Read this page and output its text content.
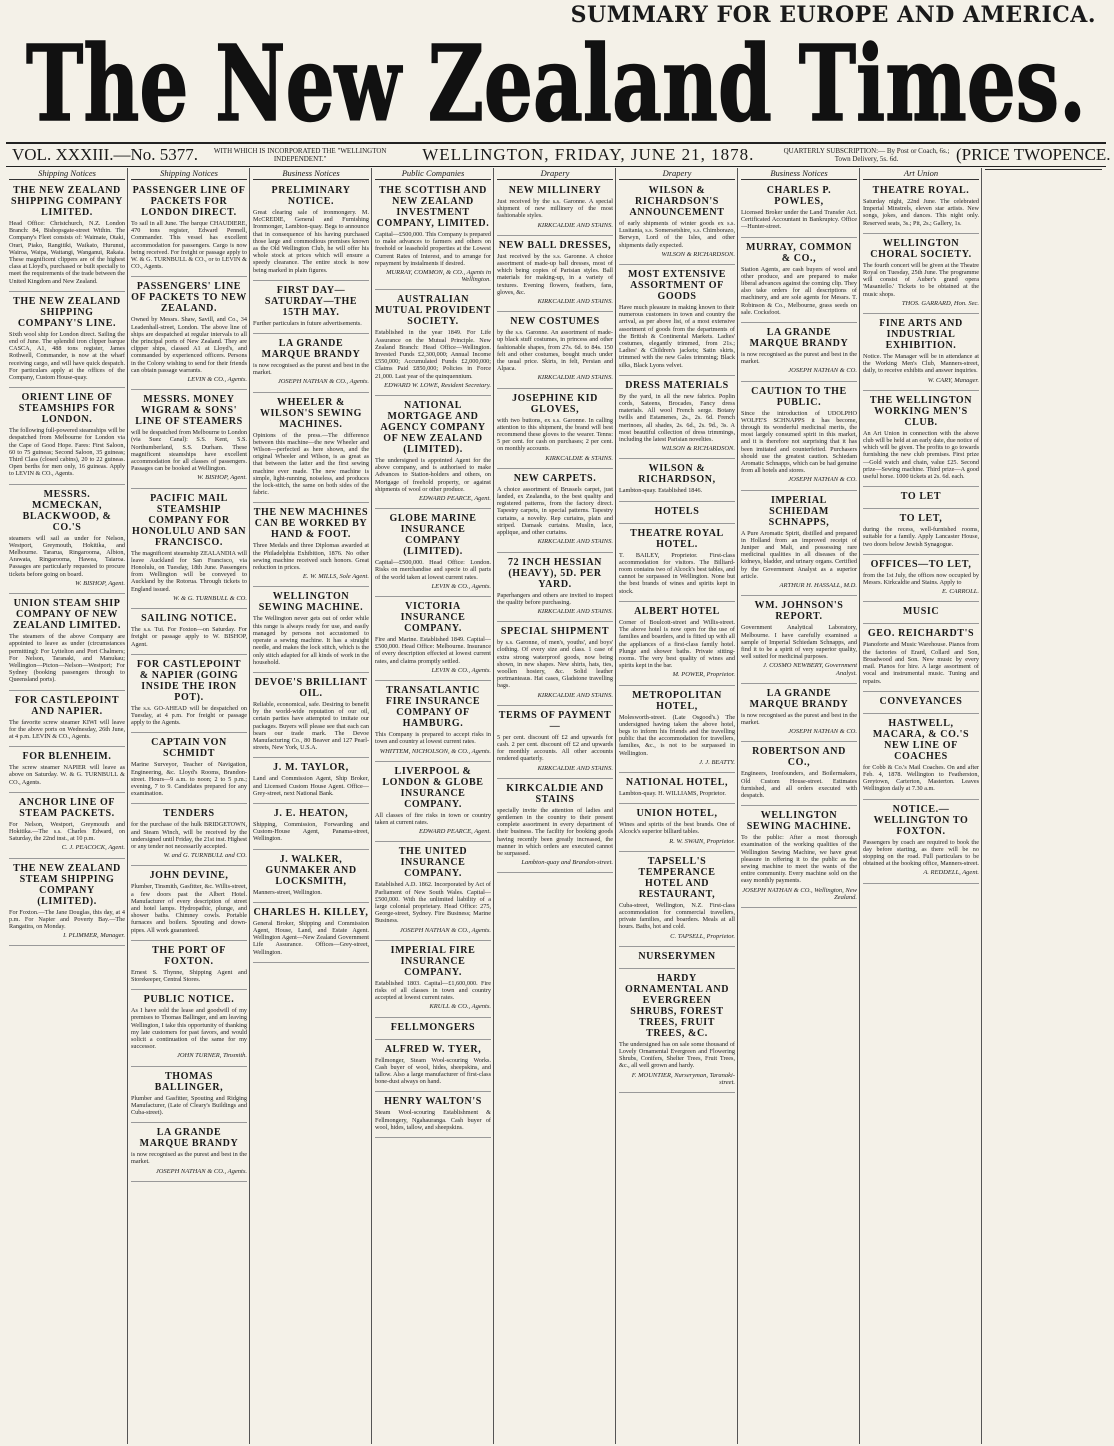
SUMMARY FOR EUROPE AND AMERICA.
The New Zealand Times.
VOL. XXXIII.—No. 5377.	WITH WHICH IS INCORPORATED THE "WELLINGTON INDEPENDENT."	WELLINGTON, FRIDAY, JUNE 21, 1878.	QUARTERLY SUBSCRIPTION:— By Post or Coach, 6s.; Town Delivery, 5s. 6d.	(PRICE TWOPENCE.
Shipping Notices
THE NEW ZEALAND SHIPPING COMPANY LIMITED.

Head Office: Christchurch, N.Z. London Branch: 84, Bishopsgate-street Within. The Company's Fleet consists of: Waimate, Otaki, Orari, Piako, Rangitiki, Waikato, Hurunui, Wairoa, Waipa, Waitangi, Wanganui, Rakaia. These magnificent clippers are of the highest class at Lloyd's, purchased or built specially to meet the requirements of the trade between the United Kingdom and New Zealand.

THE NEW ZEALAND SHIPPING COMPANY'S LINE.

Sixth wool ship for London direct. Sailing the end of June. The splendid iron clipper barque CASCA, A1, 488 tons register, James Rothwell, Commander, is now at the wharf receiving cargo, and will have quick despatch. For particulars apply at the offices of the Company, Custom House-quay.

ORIENT LINE OF STEAMSHIPS FOR LONDON.

The following full-powered steamships will be despatched from Melbourne for London via the Cape of Good Hope. Fares: First Saloon, 60 to 75 guineas; Second Saloon, 35 guineas; Third Class (closed cabins), 20 to 22 guineas. Open berths for men only, 16 guineas. Apply to LEVIN & CO., Agents.

MESSRS. MCMECKAN, BLACKWOOD, & CO.'S

steamers will sail as under for Nelson, Westport, Greymouth, Hokitika, and Melbourne. Tararua, Ringarooma, Albion, Arawata, Ringarooma, Hawea, Taiaroa. Passages are particularly requested to procure tickets before going on board.

W. BISHOP, Agent.

UNION STEAM SHIP COMPANY OF NEW ZEALAND LIMITED.

The steamers of the above Company are appointed to leave as under (circumstances permitting): For Lyttelton and Port Chalmers; For Nelson, Taranaki, and Manukau; Wellington—Picton—Nelson—Westport; For Sydney (booking passengers through to Queensland ports).

FOR CASTLEPOINT AND NAPIER.

The favorite screw steamer KIWI will leave for the above ports on Wednesday, 26th June, at 4 p.m. LEVIN & CO., Agents.

FOR BLENHEIM.

The screw steamer NAPIER will leave as above on Saturday. W. & G. TURNBULL & CO., Agents.

ANCHOR LINE OF STEAM PACKETS.

For Nelson, Westport, Greymouth and Hokitika.—The s.s. Charles Edward, on Saturday, the 22nd inst., at 10 p.m.

C. J. PEACOCK, Agent.

THE NEW ZEALAND STEAM SHIPPING COMPANY (LIMITED).

For Foxton.—The Jane Douglas, this day, at 4 p.m. For Napier and Poverty Bay.—The Rangatira, on Monday.

I. PLIMMER, Manager.

Shipping Notices
PASSENGER LINE OF PACKETS FOR LONDON DIRECT.

To sail in all June. The barque CHAUDIERE, 470 tons register, Edward Pennell, Commander. This vessel has excellent accommodation for passengers. Cargo is now being received. For freight or passage apply to W. & G. TURNBULL & CO., or to LEVIN & CO., Agents.

PASSENGERS' LINE OF PACKETS TO NEW ZEALAND.

Owned by Messrs. Shaw, Savill, and Co., 34 Leadenhall-street, London. The above line of ships are despatched at regular intervals to all the principal ports of New Zealand. They are clipper ships, classed A1 at Lloyd's, and commanded by experienced officers. Persons in the Colony wishing to send for their friends can obtain passage warrants.

LEVIN & CO., Agents.

MESSRS. MONEY WIGRAM & SONS' LINE OF STEAMERS

will be despatched from Melbourne to London (via Suez Canal): S.S. Kent, S.S. Northumberland, S.S. Durham. These magnificent steamships have excellent accommodation for all classes of passengers. Passages can be booked at Wellington.

W. BISHOP, Agent.

PACIFIC MAIL STEAMSHIP COMPANY FOR HONOLULU AND SAN FRANCISCO.

The magnificent steamship ZEALANDIA will leave Auckland for San Francisco, via Honolulu, on Tuesday, 18th June. Passengers from Wellington will be conveyed to Auckland by the Rotorua. Through tickets to England issued.

W. & G. TURNBULL & CO.

SAILING NOTICE.

The s.s. Tui. For Foxton—on Saturday. For freight or passage apply to W. BISHOP, Agent.

FOR CASTLEPOINT & NAPIER (GOING INSIDE THE IRON POT).

The s.s. GO-AHEAD will be despatched on Tuesday, at 4 p.m. For freight or passage apply to the Agents.

CAPTAIN VON SCHMIDT

Marine Surveyor, Teacher of Navigation, Engineering, &c. Lloyd's Rooms, Brandon-street. Hours—9 a.m. to noon; 2 to 5 p.m.; evening, 7 to 9. Candidates prepared for any examination.

TENDERS

for the purchase of the hulk BRIDGETOWN, and Steam Winch, will be received by the undersigned until Friday, the 21st inst. Highest or any tender not necessarily accepted.

W. and G. TURNBULL and CO.

JOHN DEVINE,

Plumber, Tinsmith, Gasfitter, &c. Willis-street, a few doors past the Albert Hotel. Manufacturer of every description of street and hotel lamps. Hydropathic, plunge, and shower baths. Chimney cowls. Portable furnaces and boilers. Spouting and down-pipes. All work guaranteed.

THE PORT OF FOXTON.

Ernest S. Thynne, Shipping Agent and Storekeeper, Central Stores.

PUBLIC NOTICE.

As I have sold the lease and goodwill of my premises to Thomas Ballinger, and am leaving Wellington, I take this opportunity of thanking my late customers for past favors, and would solicit a continuation of the same for my successor.

JOHN TURNER, Tinsmith.

THOMAS BALLINGER,

Plumber and Gasfitter, Spouting and Ridging Manufacturer, (Late of Cleary's Buildings and Cuba-street).

LA GRANDE MARQUE BRANDY

is now recognised as the purest and best in the market.

JOSEPH NATHAN & CO., Agents.

Business Notices
PRELIMINARY NOTICE.

Great clearing sale of ironmongery. M. McCREDIE, General and Furnishing Ironmonger, Lambton-quay. Begs to announce that in consequence of his having purchased those large and commodious premises known as the Old Wellington Club, he will offer his whole stock at prices which will ensure a speedy clearance. The entire stock is now being marked in plain figures.

FIRST DAY—SATURDAY—THE 15TH MAY.

Further particulars in future advertisements.

LA GRANDE MARQUE BRANDY

is now recognised as the purest and best in the market.

JOSEPH NATHAN & CO., Agents.

WHEELER & WILSON'S SEWING MACHINES.

Opinions of the press.—The difference between this machine—the new Wheeler and Wilson—perfected as here shown, and the original Wheeler and Wilson, is as great as that between the latter and the first sewing machine ever made. The new machine is simple, light-running, noiseless, and produces the lock-stitch, the same on both sides of the fabric.

THE NEW MACHINES CAN BE WORKED BY HAND & FOOT.

Three Medals and three Diplomas awarded at the Philadelphia Exhibition, 1876. No other sewing machine received such honors. Great reduction in prices.

E. W. MILLS, Sole Agent.

WELLINGTON SEWING MACHINE.

The Wellington never gets out of order while this range is always ready for use, and easily managed by persons not accustomed to operate a sewing machine. It has a straight needle, and makes the lock stitch, which is the only stitch adapted for all kinds of work in the household.

DEVOE'S BRILLIANT OIL.

Reliable, economical, safe. Desiring to benefit by the world-wide reputation of our oil, certain parties have attempted to imitate our packages. Buyers will please see that each can bears our trade mark. The Devoe Manufacturing Co., 80 Beaver and 127 Pearl-streets, New York, U.S.A.

J. M. TAYLOR,

Land and Commission Agent, Ship Broker, and Licensed Custom House Agent. Office—Grey-street, next National Bank.

J. E. HEATON,

Shipping, Commission, Forwarding and Custom-House Agent, Panama-street, Wellington.

J. WALKER, GUNMAKER AND LOCKSMITH,

Manners-street, Wellington.

CHARLES H. KILLEY,

General Broker, Shipping and Commission Agent, House, Land, and Estate Agent. Wellington Agent—New Zealand Government Life Assurance. Offices—Grey-street, Wellington.

Public Companies
THE SCOTTISH AND NEW ZEALAND INVESTMENT COMPANY, LIMITED.

Capital—£500,000. This Company is prepared to make advances to farmers and others on freehold or leasehold properties at the Lowest Current Rates of Interest, and to arrange for repayment by instalments if desired.

MURRAY, COMMON, & CO., Agents in Wellington.

AUSTRALIAN MUTUAL PROVIDENT SOCIETY.

Established in the year 1849. For Life Assurance on the Mutual Principle. New Zealand Branch: Head Office—Wellington. Invested Funds £2,300,000; Annual Income £550,000; Accumulated Funds £2,000,000; Claims Paid £850,000; Policies in Force 21,000. Last year of the quinquennium.

EDWARD W. LOWE, Resident Secretary.

NATIONAL MORTGAGE AND AGENCY COMPANY OF NEW ZEALAND (LIMITED).

The undersigned is appointed Agent for the above company, and is authorised to make Advances to Station-holders and others, on Mortgage of freehold property, or against shipments of wool or other produce.

EDWARD PEARCE, Agent.

GLOBE MARINE INSURANCE COMPANY (LIMITED).

Capital—£500,000. Head Office: London. Risks on merchandise and specie to all parts of the world taken at lowest current rates.

LEVIN & CO., Agents.

VICTORIA INSURANCE COMPANY.

Fire and Marine. Established 1849. Capital—£500,000. Head Office: Melbourne. Insurance of every description effected at lowest current rates, and claims promptly settled.

LEVIN & CO., Agents.

TRANSATLANTIC FIRE INSURANCE COMPANY OF HAMBURG.

This Company is prepared to accept risks in town and country at lowest current rates.

WHITTEM, NICHOLSON, & CO., Agents.

LIVERPOOL & LONDON & GLOBE INSURANCE COMPANY.

All classes of fire risks in town or country taken at current rates.

EDWARD PEARCE, Agent.

THE UNITED INSURANCE COMPANY.

Established A.D. 1862. Incorporated by Act of Parliament of New South Wales. Capital—£500,000. With the unlimited liability of a large colonial proprietary. Head Office: 275, George-street, Sydney. Fire Business; Marine Business.

JOSEPH NATHAN & CO., Agents.

IMPERIAL FIRE INSURANCE COMPANY.

Established 1803. Capital—£1,600,000. Fire risks of all classes in town and country accepted at lowest current rates.

KRULL & CO., Agents.

FELLMONGERS
ALFRED W. TYER,

Fellmonger, Steam Wool-scouring Works. Cash buyer of wool, hides, sheepskins, and tallow. Also a large manufacturer of first-class bone-dust always on hand.

HENRY WALTON'S

Steam Wool-scouring Establishment & Fellmongery, Ngahauranga. Cash buyer of wool, hides, tallow, and sheepskins.

Drapery
NEW MILLINERY

Just received by the s.s. Garonne. A special shipment of new millinery of the most fashionable styles.

KIRKCALDIE AND STAINS.

NEW BALL DRESSES,

Just received by the s.s. Garonne. A choice assortment of made-up ball dresses, most of which being copies of Parisian styles. Ball materials for making-up, in a variety of textures. Evening flowers, feathers, fans, gloves, &c.

KIRKCALDIE AND STAINS.

NEW COSTUMES

by the s.s. Garonne. An assortment of made-up black stuff costumes, in princess and other fashionable shapes, from 27s. 6d. to 84s. 150 felt and other costumes, bought much under the usual price. Skirts, in felt, Persian and Alpaca.

KIRKCALDIE AND STAINS.

JOSEPHINE KID GLOVES,

with two buttons, ex s.s. Garonne. In calling attention to this shipment, the brand will best recommend these gloves to the wearer. Tenns: 5 per cent. for cash on purchases; 2 per cent. on monthly accounts.

KIRKCALDIE & STAINS.

NEW CARPETS.

A choice assortment of Brussels carpet, just landed, ex Zealandia, to the best quality and registered patterns, from the factory direct. Tapestry carpets, in special patterns. Tapestry curtains, a novelty. Rep curtains, plain and striped. Damask curtains. Muslin, lace, applique, and other curtains.

KIRKCALDIE AND STAINS.

72 INCH HESSIAN (HEAVY), 5D. PER YARD.

Paperhangers and others are invited to inspect the quality before purchasing.

KIRKCALDIE AND STAINS.

SPECIAL SHIPMENT

by s.s. Garonne, of men's, youths', and boys' clothing. Of every size and class. 1 case of extra strong waterproof goods, now being shown, in new shapes. New shirts, hats, ties, woollen hosiery, &c. Solid leather portmanteaus. Hat cases, Gladstone travelling bags.

KIRKCALDIE AND STAINS.

TERMS OF PAYMENT—

5 per cent. discount off £2 and upwards for cash. 2 per cent. discount off £2 and upwards for monthly accounts. All other accounts rendered quarterly.

KIRKCALDIE AND STAINS.

KIRKCALDIE AND STAINS

specially invite the attention of ladies and gentlemen in the country to their present complete assortment in every department of their business. The facility for booking goods having recently been greatly increased, the manner in which orders are executed cannot be surpassed.

Lambton-quay and Brandon-street.

Drapery
WILSON & RICHARDSON'S ANNOUNCEMENT

of early shipments of winter goods ex s.s. Lusitania, s.s. Somersetshire, s.s. Chimborazo, Berwyn, Lord of the Isles, and other shipments daily expected.

WILSON & RICHARDSON.

MOST EXTENSIVE ASSORTMENT OF GOODS

Have much pleasure in making known to their numerous customers in town and country the arrival, as per above list, of a most extensive assortment of goods from the departments of the British & Continental Markets. Ladies' costumes, elegantly trimmed, from 21s.; Ladies' & Children's jackets; Satin skirts, trimmed with the new Gales trimming; Black silks, Black Lyons velvet.

DRESS MATERIALS

By the yard, in all the new fabrics. Poplin cords, Sateens, Brocades, Fancy dress materials. All wool French serge. Botany twills and Estamenes, 2s., 2s. 6d. French merinoes, all shades, 2s. 6d., 2s. 9d., 3s. A most beautiful collection of dress trimmings, including the latest Parisian novelties.

WILSON & RICHARDSON.

WILSON & RICHARDSON,

Lambton-quay. Established 1846.

HOTELS
THEATRE ROYAL HOTEL.

T. BAILEY, Proprietor. First-class accommodation for visitors. The Billiard-room contains two of Alcock's best tables, and cannot be surpassed in Wellington. None but the best brands of wines and spirits kept in stock.

ALBERT HOTEL

Corner of Boulcott-street and Willis-street. The above hotel is now open for the use of families and boarders, and is fitted up with all the appliances of a first-class family hotel. Plunge and shower baths. Private sitting-rooms. The very best quality of wines and spirits kept in the bar.

M. POWER, Proprietor.

METROPOLITAN HOTEL,

Molesworth-street. (Late Osgood's.) The undersigned having taken the above hotel, begs to inform his friends and the travelling public that the accommodation for travellers, families, &c., is not to be surpassed in Wellington.

J. J. BEATTY.

NATIONAL HOTEL,

Lambton-quay. H. WILLIAMS, Proprietor.

UNION HOTEL,

Wines and spirits of the best brands. One of Alcock's superior billiard tables.

R. W. SWAIN, Proprietor.

TAPSELL'S TEMPERANCE HOTEL AND RESTAURANT,

Cuba-street, Wellington, N.Z. First-class accommodation for commercial travellers, private families, and boarders. Meals at all hours. Baths, hot and cold.

C. TAPSELL, Proprietor.

NURSERYMEN
HARDY ORNAMENTAL AND EVERGREEN SHRUBS, FOREST TREES, FRUIT TREES, &C.

The undersigned has on sale some thousand of Lovely Ornamental Evergreen and Flowering Shrubs, Conifers, Shelter Trees, Fruit Trees, &c., all well grown and hardy.

F. MOUNTIER, Nurseryman, Taranaki-street.

Business Notices
CHARLES P. POWLES,

Licensed Broker under the Land Transfer Act. Certificated Accountant in Bankruptcy. Office—Hunter-street.

MURRAY, COMMON & CO.,

Station Agents, are cash buyers of wool and other produce, and are prepared to make liberal advances against the coming clip. They also take orders for all descriptions of machinery, and are sole agents for Messrs. T. Robinson & Co., Melbourne, grass seeds on sale. Cocksfoot.

LA GRANDE MARQUE BRANDY

is now recognised as the purest and best in the market.

JOSEPH NATHAN & CO.

CAUTION TO THE PUBLIC.

Since the introduction of UDOLPHO WOLFE'S SCHNAPPS it has become, through its wonderful medicinal merits, the most largely consumed spirit in this market, and it is therefore not surprising that it has been imitated and counterfeited. Purchasers should use the greatest caution. Schiedam Aromatic Schnapps, which can be had genuine from all hotels and stores.

JOSEPH NATHAN & CO.

IMPERIAL SCHIEDAM SCHNAPPS,

A Pure Aromatic Spirit, distilled and prepared in Holland from an improved receipt of Juniper and Malt, and possessing rare medicinal qualities in all diseases of the kidneys, bladder, and urinary organs. Certified by the Government Analyst as a superior article.

ARTHUR H. HASSALL, M.D.

WM. JOHNSON'S REPORT.

Government Analytical Laboratory, Melbourne. I have carefully examined a sample of Imperial Schiedam Schnapps, and find it to be a spirit of very superior quality, well suited for medicinal purposes.

J. COSMO NEWBERY, Government Analyst.

LA GRANDE MARQUE BRANDY

is now recognised as the purest and best in the market.

JOSEPH NATHAN & CO.

ROBERTSON AND CO.,

Engineers, Ironfounders, and Boilermakers, Old Custom House-street. Estimates furnished, and all orders executed with despatch.

WELLINGTON SEWING MACHINE.

To the public: After a most thorough examination of the working qualities of the Wellington Sewing Machine, we have great pleasure in offering it to the public as the sewing machine to meet the wants of the entire community. Every machine sold on the easy monthly payments.

JOSEPH NATHAN & CO., Wellington, New Zealand.

Art Union
THEATRE ROYAL.

Saturday night, 22nd June. The celebrated Imperial Minstrels, eleven star artists. New songs, jokes, and dances. This night only. Reserved seats, 3s.; Pit, 2s.; Gallery, 1s.

WELLINGTON CHORAL SOCIETY.

The fourth concert will be given at the Theatre Royal on Tuesday, 25th June. The programme will consist of Auber's grand opera 'Masaniello.' Tickets to be obtained at the music shops.

THOS. GARRARD, Hon. Sec.

FINE ARTS AND INDUSTRIAL EXHIBITION.

Notice. The Manager will be in attendance at the Working Men's Club, Manners-street, daily, to receive exhibits and answer inquiries.

W. CARY, Manager.

THE WELLINGTON WORKING MEN'S CLUB.

An Art Union in connection with the above club will be held at an early date, due notice of which will be given. The profits to go towards furnishing the new club premises. First prize—Gold watch and chain, value £25. Second prize—Sewing machine. Third prize—A good useful horse. 1000 tickets at 2s. 6d. each.

TO LET
TO LET,

during the recess, well-furnished rooms, suitable for a family. Apply Lancaster House, two doors below Jewish Synagogue.

OFFICES—TO LET,

from the 1st July, the offices now occupied by Messrs. Kirkcaldie and Stains. Apply to

E. CARROLL.

MUSIC
GEO. REICHARDT'S

Pianoforte and Music Warehouse. Pianos from the factories of Erard, Collard and Son, Broadwood and Son. New music by every mail. Pianos for hire. A large assortment of vocal and instrumental music. Tuning and repairs.

CONVEYANCES
HASTWELL, MACARA, & CO.'S NEW LINE OF COACHES

for Cobb & Co.'s Mail Coaches. On and after Feb. 4, 1878. Wellington to Featherston, Greytown, Carterton, Masterton. Leaves Wellington daily at 7.30 a.m.

NOTICE.—WELLINGTON TO FOXTON.

Passengers by coach are required to book the day before starting, as there will be no stopping on the road. Full particulars to be obtained at the booking office, Manners-street.

A. REDDELL, Agent.
